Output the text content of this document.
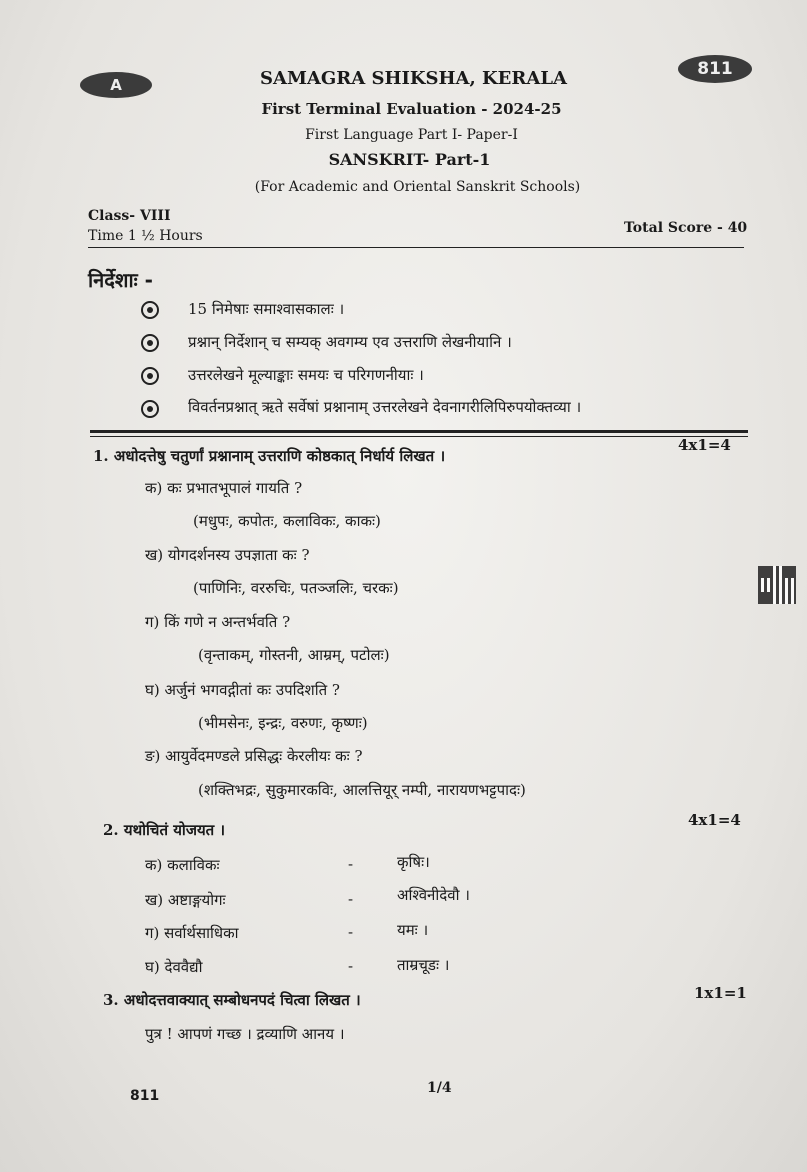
A
811
SAMAGRA SHIKSHA, KERALA
First Terminal Evaluation - 2024-25
First Language Part I- Paper-I
SANSKRIT- Part-1
(For Academic and Oriental Sanskrit Schools)
Class- VIII
Time 1 ½ Hours	Total Score - 40
निर्देशाः -
15 निमेषाः समाश्वासकालः ।
प्रश्नान् निर्देशान् च सम्यक् अवगम्य एव उत्तराणि लेखनीयानि ।
उत्तरलेखने मूल्याङ्काः समयः च परिगणनीयाः ।
विवर्तनप्रश्नात् ऋते सर्वेषां प्रश्नानाम् उत्तरलेखने देवनागरीलिपिरुपयोक्तव्या ।
1. अधोदत्तेषु चतुर्णां प्रश्नानाम् उत्तराणि कोष्ठकात् निर्धार्य लिखत ।
4x1=4
क) कः प्रभातभूपालं गायति ?
(मधुपः, कपोतः, कलाविकः, काकः)
ख) योगदर्शनस्य उपज्ञाता कः ?
(पाणिनिः, वररुचिः, पतञ्जलिः, चरकः)
ग) किं गणे न अन्तर्भवति ?
(वृन्ताकम्, गोस्तनी, आम्रम्, पटोलः)
घ) अर्जुनं भगवद्गीतां कः उपदिशति ?
(भीमसेनः, इन्द्रः, वरुणः, कृष्णः)
ङ) आयुर्वेदमण्डले प्रसिद्धः केरलीयः कः ?
(शक्तिभद्रः, सुकुमारकविः, आलत्तियूर् नम्पी, नारायणभट्टपादः)
2. यथोचितं योजयत ।
4x1=4
क) कलाविकः	-	कृषिः।
ख) अष्टाङ्गयोगः	-	अश्विनीदेवौ ।
ग) सर्वार्थसाधिका	-	यमः ।
घ) देववैद्यौ	-	ताम्रचूडः ।
3. अधोदत्तवाक्यात् सम्बोधनपदं चित्वा लिखत ।	1x1=1
पुत्र ! आपणं गच्छ । द्रव्याणि आनय ।
811	1/4
